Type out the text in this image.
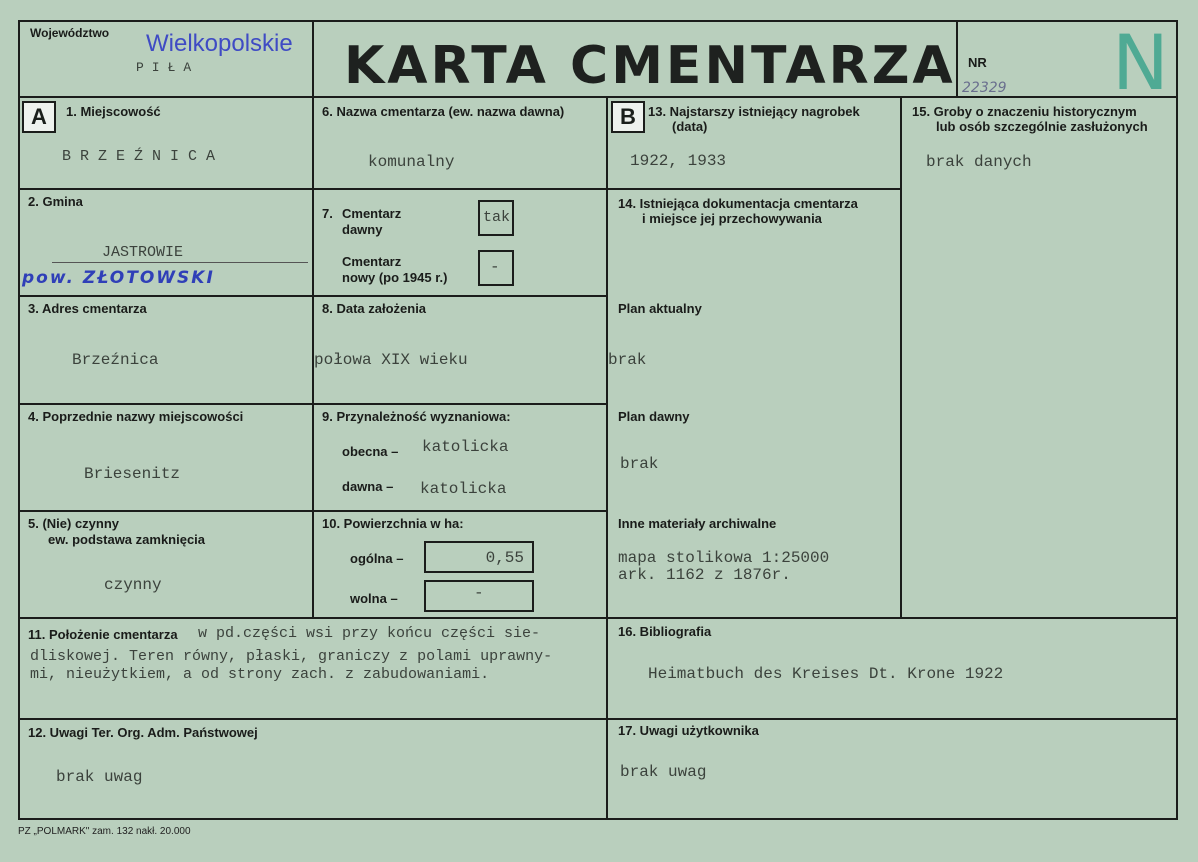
Województwo Wielkopolskie
PIŁA	KARTA CMENTARZA NR
22329 N
A	1. Miejscowość
B R Z E Ź N I C A
2. Gmina
JASTROWIE
pow. ZŁOTOWSKI
3. Adres cmentarza
Brzeźnica
4. Poprzednie nazwy miejscowości
Briesenitz
5. (Nie) czynny
ew. podstawa zamknięcia
czynny
6. Nazwa cmentarza (ew. nazwa dawna)
komunalny
7. Cmentarz
dawny
tak
Cmentarz
nowy (po 1945 r.)
-
8. Data założenia
połowa XIX wieku
9. Przynależność wyznaniowa:
obecna – katolicka
dawna – katolicka
10. Powierzchnia w ha:
ogólna –	0,55
wolna –	-
B 13. Najstarszy istniejący nagrobek
(data)
1922, 1933
14. Istniejąca dokumentacja cmentarza
i miejsce jej przechowywania
Plan aktualny
brak
Plan dawny
brak
Inne materiały archiwalne
mapa stolikowa 1:25000
ark. 1162 z 1876r.
15. Groby o znaczeniu historycznym
lub osób szczególnie zasłużonych
brak danych
11. Położenie cmentarza w pd.części wsi przy końcu części sie-
dliskowej. Teren równy, płaski, graniczy z polami uprawny-
mi, nieużytkiem, a od strony zach. z zabudowaniami.
16. Bibliografia
Heimatbuch des Kreises Dt. Krone 1922
12. Uwagi Ter. Org. Adm. Państwowej
brak uwag
17. Uwagi użytkownika
brak uwag
PZ „POLMARK" zam. 132 nakł. 20.000
